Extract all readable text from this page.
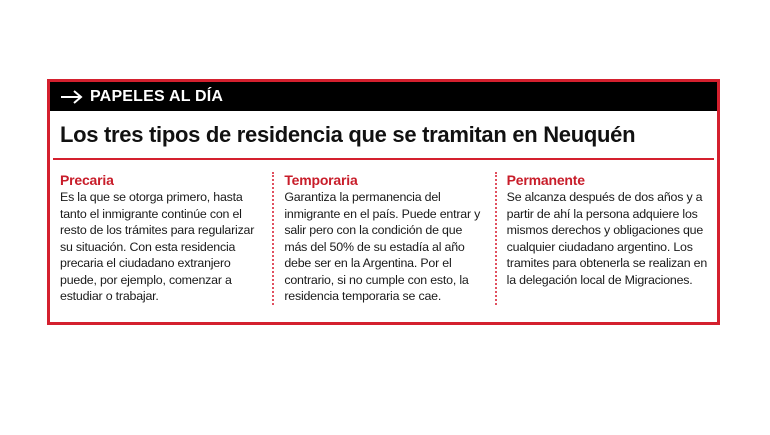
PAPELES AL DÍA
Los tres tipos de residencia que se tramitan en Neuquén
Precaria
Es la que se otorga primero, hasta tanto el inmigrante continúe con el resto de los trámites para regularizar su situación. Con esta residencia precaria el ciudadano extranjero puede, por ejemplo, comenzar a estudiar o trabajar.
Temporaria
Garantiza la permanencia del inmigrante en el país. Puede entrar y salir pero con la condición de que más del 50% de su estadía al año debe ser en la Argentina. Por el contrario, si no cumple con esto, la residencia temporaria se cae.
Permanente
Se alcanza después de dos años y a partir de ahí la persona adquiere los mismos derechos y obligaciones que cualquier ciudadano argentino. Los tramites para obtenerla se realizan en la delegación local de Migraciones.
